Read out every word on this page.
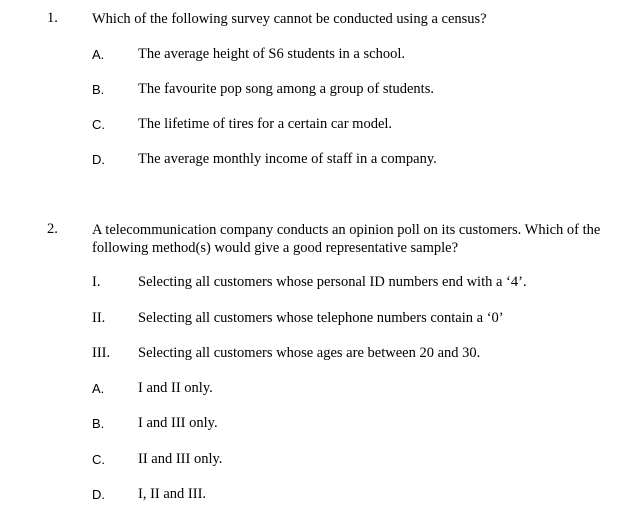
1. Which of the following survey cannot be conducted using a census?
A. The average height of S6 students in a school.
B. The favourite pop song among a group of students.
C. The lifetime of tires for a certain car model.
D. The average monthly income of staff in a company.
2. A telecommunication company conducts an opinion poll on its customers. Which of the following method(s) would give a good representative sample?
I.	Selecting all customers whose personal ID numbers end with a ‘4’.
II. Selecting all customers whose telephone numbers contain a ‘0’
III. Selecting all customers whose ages are between 20 and 30.
A. I and II only.
B. I and III only.
C. II and III only.
D. I, II and III.
